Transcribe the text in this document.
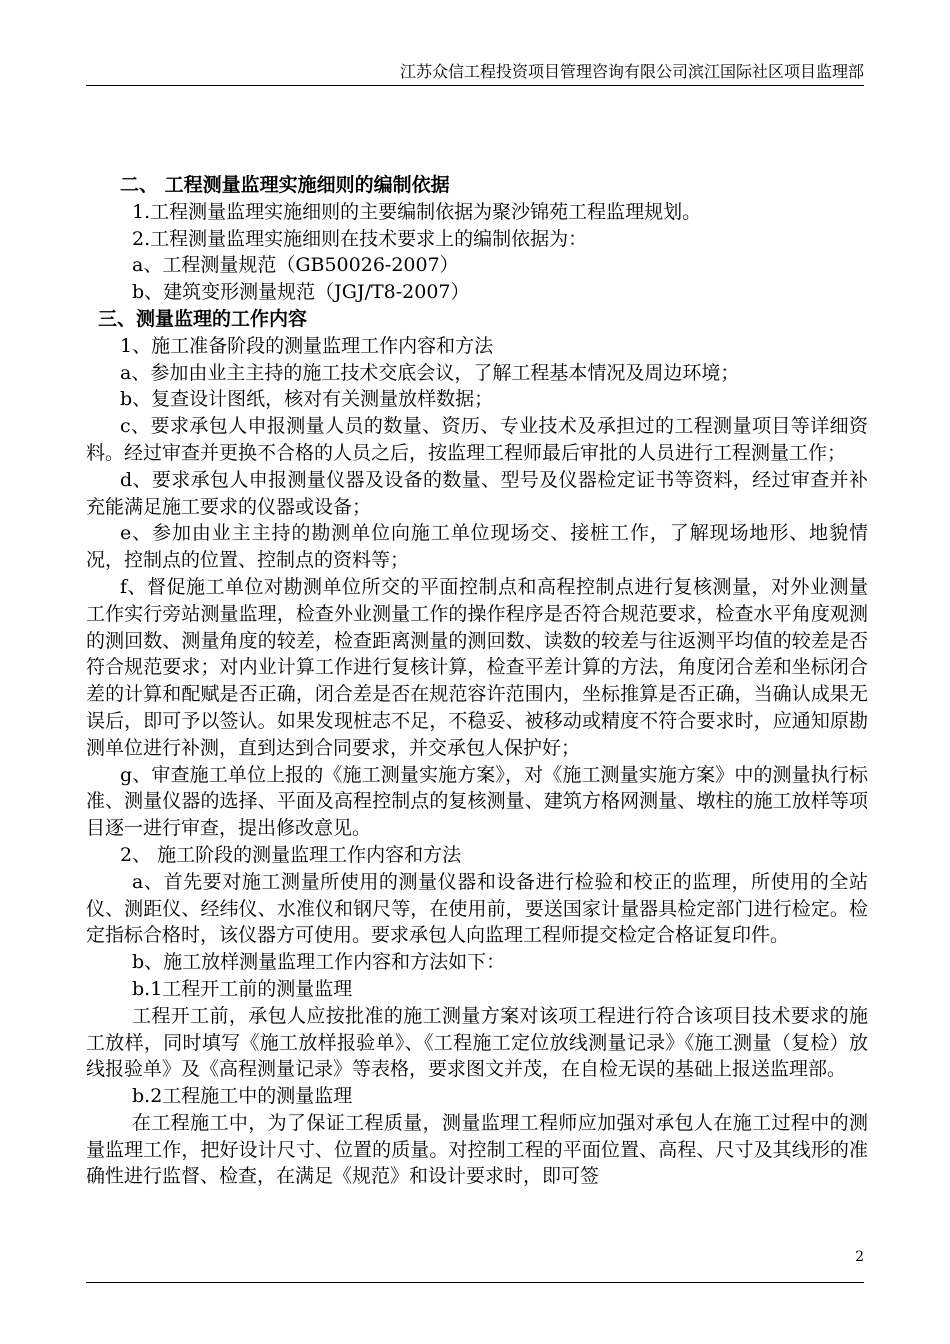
江苏众信工程投资项目管理咨询有限公司滨江国际社区项目监理部

二、 工程测量监理实施细则的编制依据

1.工程测量监理实施细则的主要编制依据为聚沙锦苑工程监理规划。

2.工程测量监理实施细则在技术要求上的编制依据为：

a、工程测量规范（GB50026-2007）

b、建筑变形测量规范（JGJ/T8-2007）

三、测量监理的工作内容

1、施工准备阶段的测量监理工作内容和方法

a、参加由业主主持的施工技术交底会议，了解工程基本情况及周边环境；

b、复查设计图纸，核对有关测量放样数据；

c、要求承包人申报测量人员的数量、资历、专业技术及承担过的工程测量项目等详细资料。经过审查并更换不合格的人员之后，按监理工程师最后审批的人员进行工程测量工作；

d、要求承包人申报测量仪器及设备的数量、型号及仪器检定证书等资料，经过审查并补充能满足施工要求的仪器或设备；

e、参加由业主主持的勘测单位向施工单位现场交、接桩工作，了解现场地形、地貌情况，控制点的位置、控制点的资料等；

f、督促施工单位对勘测单位所交的平面控制点和高程控制点进行复核测量，对外业测量工作实行旁站测量监理，检查外业测量工作的操作程序是否符合规范要求，检查水平角度观测的测回数、测量角度的较差，检查距离测量的测回数、读数的较差与往返测平均值的较差是否符合规范要求；对内业计算工作进行复核计算，检查平差计算的方法，角度闭合差和坐标闭合差的计算和配赋是否正确，闭合差是否在规范容许范围内，坐标推算是否正确，当确认成果无误后，即可予以签认。如果发现桩志不足，不稳妥、被移动或精度不符合要求时，应通知原勘测单位进行补测，直到达到合同要求，并交承包人保护好；

g、审查施工单位上报的《施工测量实施方案》，对《施工测量实施方案》中的测量执行标准、测量仪器的选择、平面及高程控制点的复核测量、建筑方格网测量、墩柱的施工放样等项目逐一进行审查，提出修改意见。

2、 施工阶段的测量监理工作内容和方法

a、首先要对施工测量所使用的测量仪器和设备进行检验和校正的监理，所使用的全站仪、测距仪、经纬仪、水准仪和钢尺等，在使用前，要送国家计量器具检定部门进行检定。检定指标合格时，该仪器方可使用。要求承包人向监理工程师提交检定合格证复印件。

b、施工放样测量监理工作内容和方法如下：

b.1工程开工前的测量监理

工程开工前，承包人应按批准的施工测量方案对该项工程进行符合该项目技术要求的施工放样，同时填写《施工放样报验单》、《工程施工定位放线测量记录》《施工测量（复检）放线报验单》及《高程测量记录》等表格，要求图文并茂，在自检无误的基础上报送监理部。

b.2工程施工中的测量监理

在工程施工中，为了保证工程质量，测量监理工程师应加强对承包人在施工过程中的测量监理工作，把好设计尺寸、位置的质量。对控制工程的平面位置、高程、尺寸及其线形的准确性进行监督、检查，在满足《规范》和设计要求时，即可签

2
